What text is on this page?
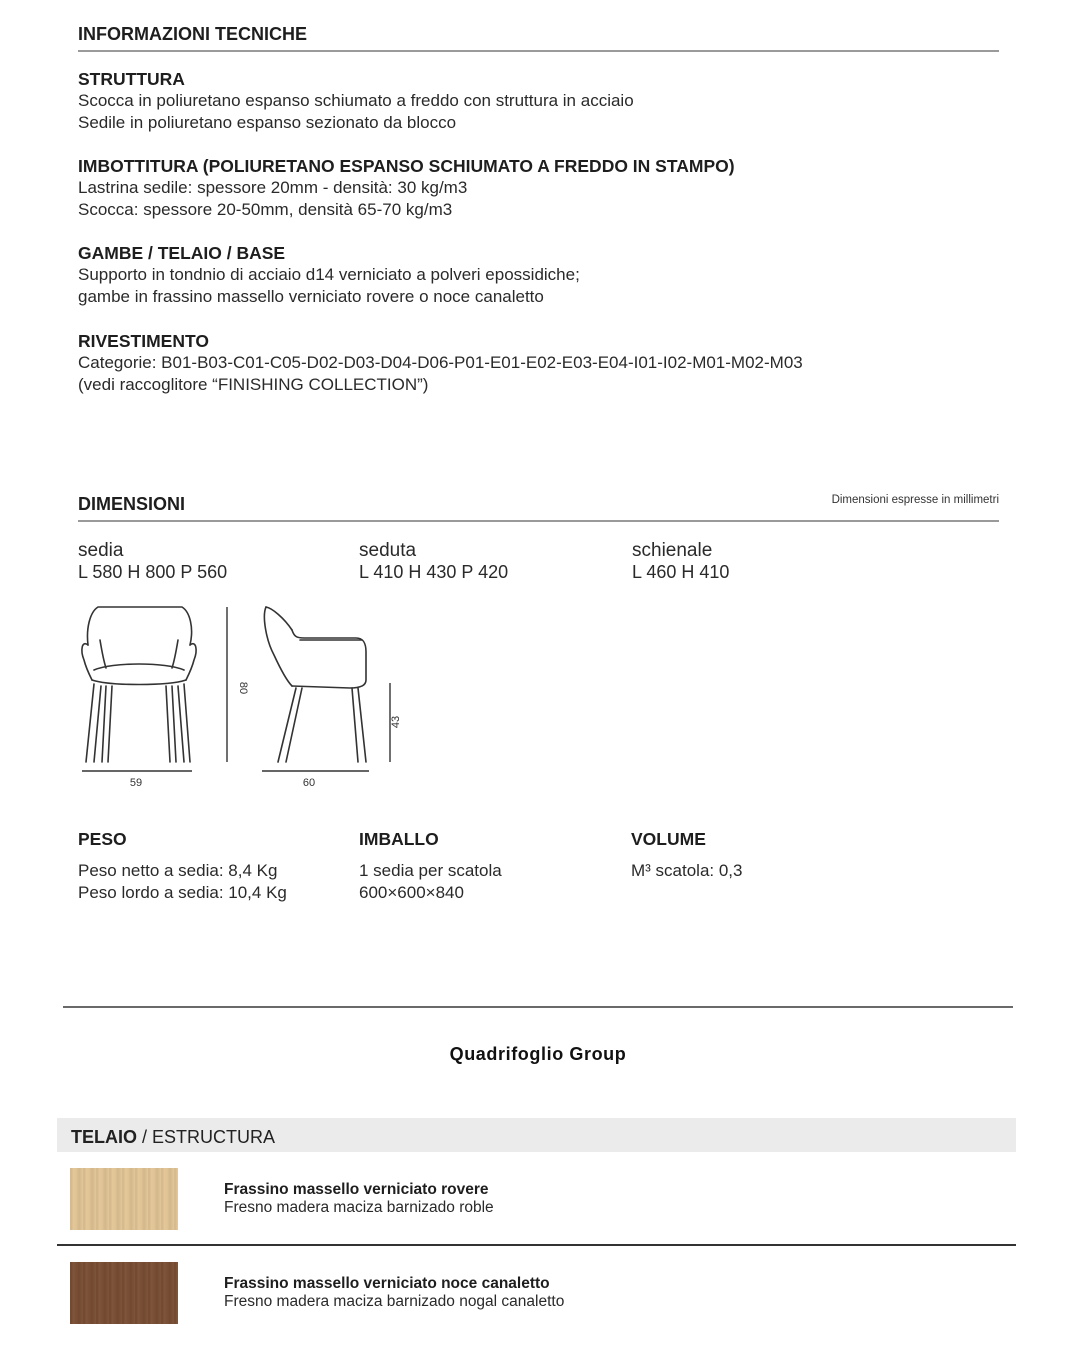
INFORMAZIONI TECNICHE
STRUTTURA
Scocca in poliuretano espanso schiumato a freddo con struttura in acciaio
Sedile in poliuretano espanso sezionato da blocco
IMBOTTITURA (POLIURETANO ESPANSO SCHIUMATO A FREDDO IN STAMPO)
Lastrina sedile: spessore 20mm - densità: 30 kg/m3
Scocca: spessore 20-50mm, densità 65-70 kg/m3
GAMBE / TELAIO / BASE
Supporto in tondnio di acciaio d14 verniciato a polveri epossidiche;
gambe in frassino massello verniciato rovere o noce canaletto
RIVESTIMENTO
Categorie: B01-B03-C01-C05-D02-D03-D04-D06-P01-E01-E02-E03-E04-I01-I02-M01-M02-M03
(vedi raccoglitore “FINISHING COLLECTION”)
DIMENSIONI	Dimensioni espresse in millimetri
sedia
L 580 H 800 P 560
seduta
L 410 H 430 P 420
schienale
L 460 H 410
59	60
80
43
PESO
Peso netto a sedia: 8,4 Kg
Peso lordo a sedia: 10,4 Kg
IMBALLO
1 sedia per scatola
600×600×840
VOLUME
M³ scatola: 0,3
Quadrifoglio Group
TELAIO / ESTRUCTURA
Frassino massello verniciato rovere
Fresno madera maciza barnizado roble
Frassino massello verniciato noce canaletto
Fresno madera maciza barnizado nogal canaletto
